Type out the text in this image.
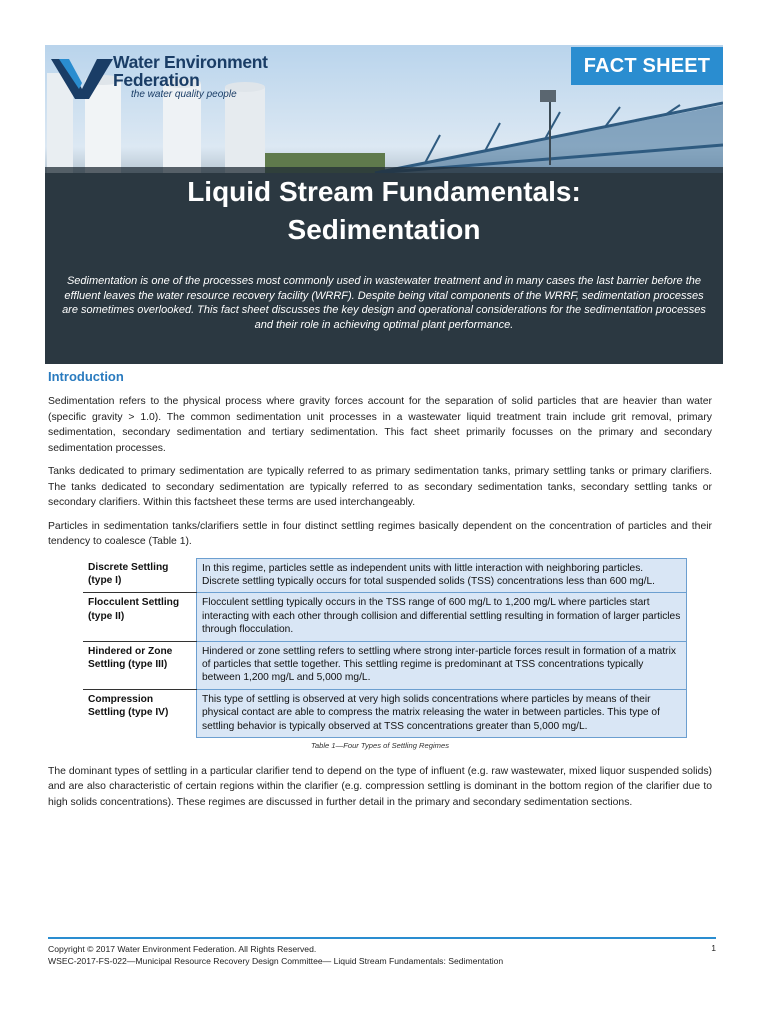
Water Environment
Federation
the water quality people
FACT SHEET
Liquid Stream Fundamentals:
Sedimentation
Sedimentation is one of the processes most commonly used in wastewater treatment and in many cases the last barrier before the effluent leaves the water resource recovery facility (WRRF). Despite being vital components of the WRRF, sedimentation processes are sometimes overlooked. This fact sheet discusses the key design and operational considerations for the sedimentation processes and their role in achieving optimal plant performance.
Introduction

Sedimentation refers to the physical process where gravity forces account for the separation of solid particles that are heavier than water (specific gravity > 1.0). The common sedimentation unit processes in a wastewater liquid treatment train include grit removal, primary sedimentation, secondary sedimentation and tertiary sedimentation. This fact sheet primarily focusses on the primary and secondary sedimentation processes.

Tanks dedicated to primary sedimentation are typically referred to as primary sedimentation tanks, primary settling tanks or primary clarifiers. The tanks dedicated to secondary sedimentation are typically referred to as secondary sedimentation tanks, secondary settling tanks or secondary clarifiers. Within this factsheet these terms are used interchangeably.

Particles in sedimentation tanks/clarifiers settle in four distinct settling regimes basically dependent on the concentration of particles and their tendency to coalesce (Table 1).

Discrete Settling (type I)	In this regime, particles settle as independent units with little interaction with neighboring particles. Discrete settling typically occurs for total suspended solids (TSS) concentrations less than 600 mg/L.
Flocculent Settling (type II)	Flocculent settling typically occurs in the TSS range of 600 mg/L to 1,200 mg/L where particles start interacting with each other through collision and differential settling resulting in formation of larger particles through flocculation.
Hindered or Zone Settling (type III)	Hindered or zone settling refers to settling where strong inter-particle forces result in formation of a matrix of particles that settle together. This settling regime is predominant at TSS concentrations typically between 1,200 mg/L and 5,000 mg/L.
Compression Settling (type IV)	This type of settling is observed at very high solids concentrations where particles by means of their physical contact are able to compress the matrix releasing the water in between particles. This type of settling behavior is typically observed at TSS concentrations greater than 5,000 mg/L.
Table 1—Four Types of Settling Regimes

The dominant types of settling in a particular clarifier tend to depend on the type of influent (e.g. raw wastewater, mixed liquor suspended solids) and are also characteristic of certain regions within the clarifier (e.g. compression settling is dominant in the bottom region of the clarifier due to high solids concentrations). These regimes are discussed in further detail in the primary and secondary sedimentation sections.

Copyright © 2017 Water Environment Federation. All Rights Reserved.
WSEC-2017-FS-022—Municipal Resource Recovery Design Committee— Liquid Stream Fundamentals: Sedimentation
1
